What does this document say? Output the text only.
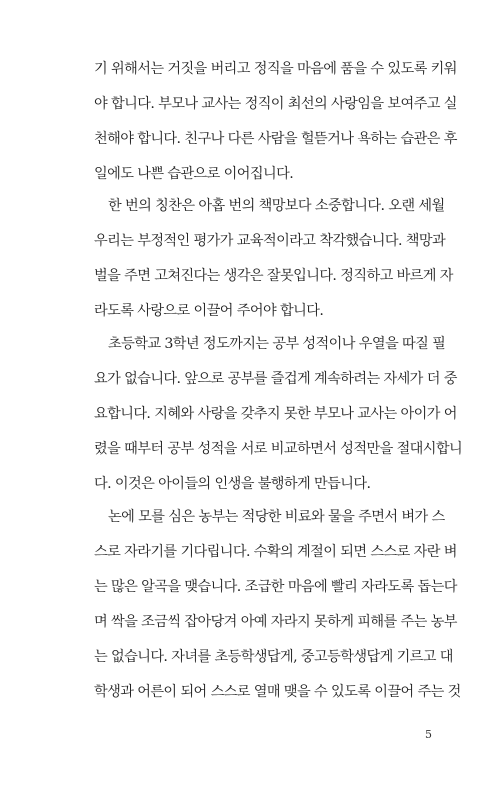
기 위해서는 거짓을 버리고 정직을 마음에 품을 수 있도록 키워
야 합니다. 부모나 교사는 정직이 최선의 사랑임을 보여주고 실
천해야 합니다. 친구나 다른 사람을 헐뜯거나 욕하는 습관은 후
일에도 나쁜 습관으로 이어집니다.
한 번의 칭찬은 아홉 번의 책망보다 소중합니다. 오랜 세월
우리는 부정적인 평가가 교육적이라고 착각했습니다. 책망과
벌을 주면 고쳐진다는 생각은 잘못입니다. 정직하고 바르게 자
라도록 사랑으로 이끌어 주어야 합니다.
초등학교 3학년 정도까지는 공부 성적이나 우열을 따질 필
요가 없습니다. 앞으로 공부를 즐겁게 계속하려는 자세가 더 중
요합니다. 지혜와 사랑을 갖추지 못한 부모나 교사는 아이가 어
렸을 때부터 공부 성적을 서로 비교하면서 성적만을 절대시합니
다. 이것은 아이들의 인생을 불행하게 만듭니다.
논에 모를 심은 농부는 적당한 비료와 물을 주면서 벼가 스
스로 자라기를 기다립니다. 수확의 계절이 되면 스스로 자란 벼
는 많은 알곡을 맺습니다. 조급한 마음에 빨리 자라도록 돕는다
며 싹을 조금씩 잡아당겨 아예 자라지 못하게 피해를 주는 농부
는 없습니다. 자녀를 초등학생답게, 중고등학생답게 기르고 대
학생과 어른이 되어 스스로 열매 맺을 수 있도록 이끌어 주는 것
5
